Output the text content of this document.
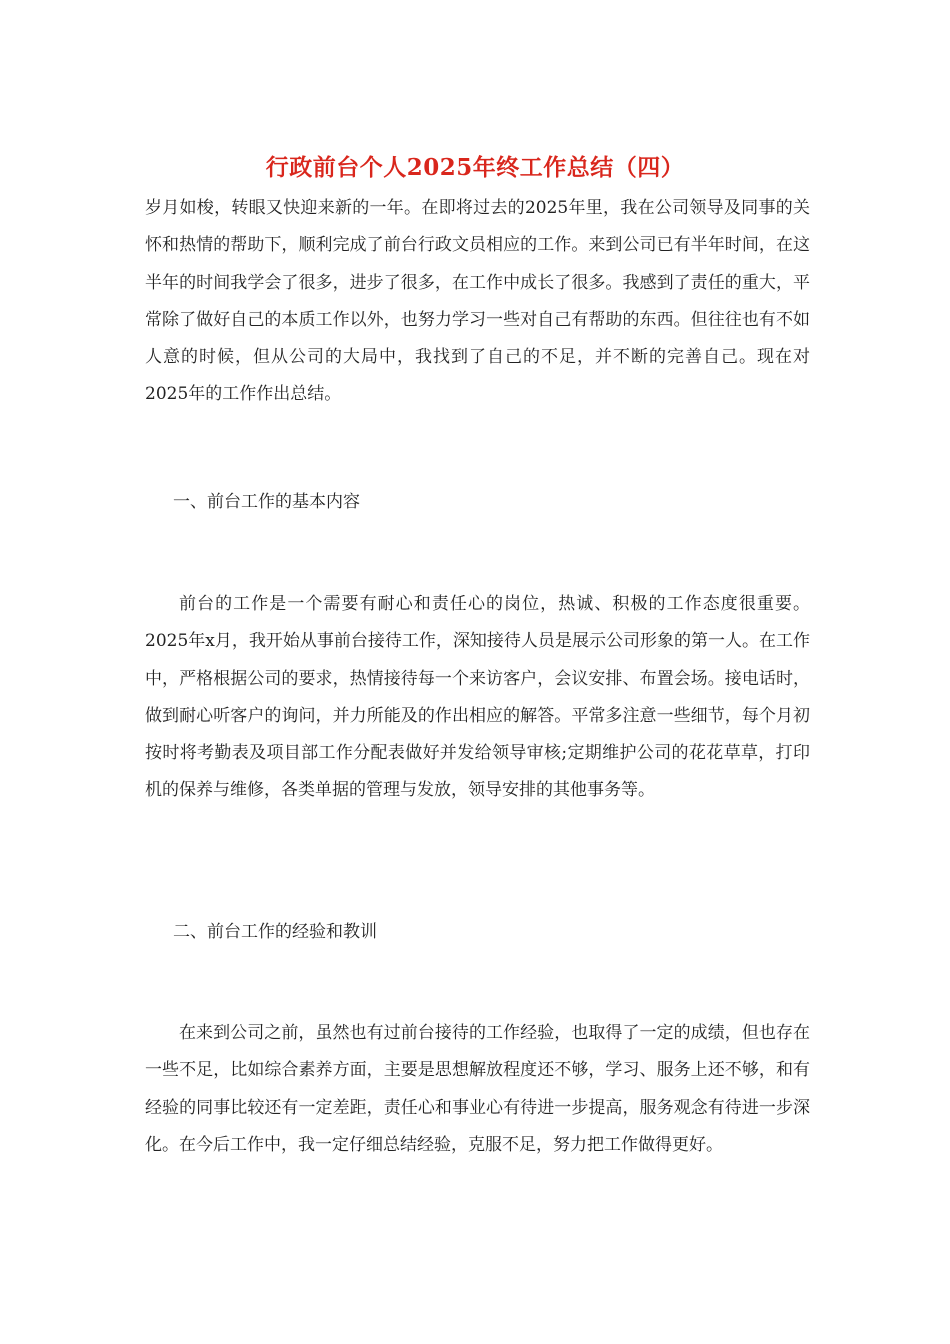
行政前台个人2025年终工作总结（四）

岁月如梭，转眼又快迎来新的一年。在即将过去的2025年里，我在公司领导及同事的关怀和热情的帮助下，顺利完成了前台行政文员相应的工作。来到公司已有半年时间，在这半年的时间我学会了很多，进步了很多，在工作中成长了很多。我感到了责任的重大，平常除了做好自己的本质工作以外，也努力学习一些对自己有帮助的东西。但往往也有不如人意的时候，但从公司的大局中，我找到了自己的不足，并不断的完善自己。现在对2025年的工作作出总结。

一、前台工作的基本内容

前台的工作是一个需要有耐心和责任心的岗位，热诚、积极的工作态度很重要。2025年x月，我开始从事前台接待工作，深知接待人员是展示公司形象的第一人。在工作中，严格根据公司的要求，热情接待每一个来访客户，会议安排、布置会场。接电话时，做到耐心听客户的询问，并力所能及的作出相应的解答。平常多注意一些细节，每个月初按时将考勤表及项目部工作分配表做好并发给领导审核;定期维护公司的花花草草，打印机的保养与维修，各类单据的管理与发放，领导安排的其他事务等。

二、前台工作的经验和教训

在来到公司之前，虽然也有过前台接待的工作经验，也取得了一定的成绩，但也存在一些不足，比如综合素养方面，主要是思想解放程度还不够，学习、服务上还不够，和有经验的同事比较还有一定差距，责任心和事业心有待进一步提高，服务观念有待进一步深化。在今后工作中，我一定仔细总结经验，克服不足，努力把工作做得更好。
